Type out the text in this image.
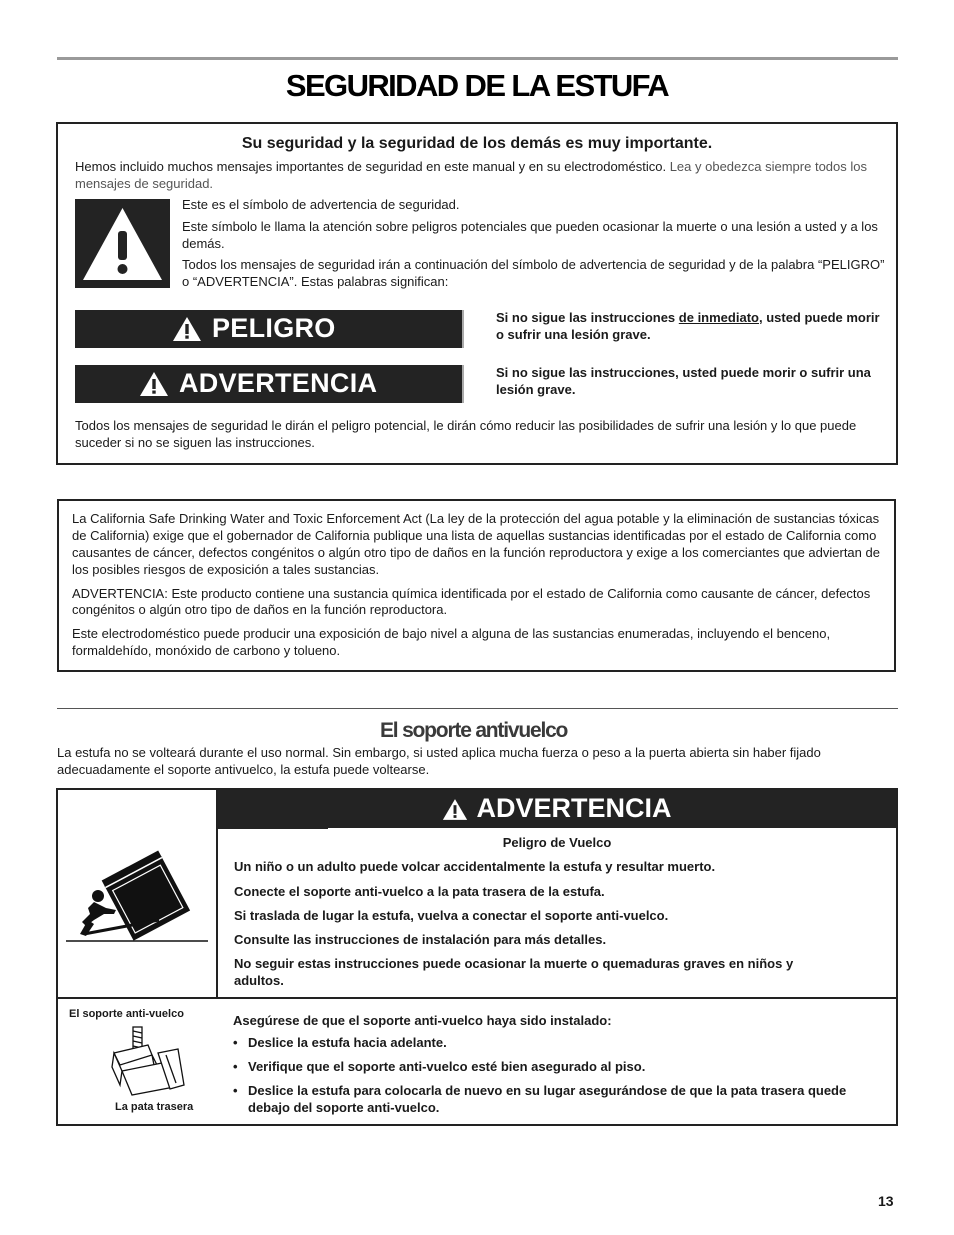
SEGURIDAD DE LA ESTUFA
Su seguridad y la seguridad de los demás es muy importante.

Hemos incluido muchos mensajes importantes de seguridad en este manual y en su electrodoméstico. Lea y obedezca siempre todos los mensajes de seguridad.

Este es el símbolo de advertencia de seguridad.

Este símbolo le llama la atención sobre peligros potenciales que pueden ocasionar la muerte o una lesión a usted y a los demás.

Todos los mensajes de seguridad irán a continuación del símbolo de advertencia de seguridad y de la palabra “PELIGRO” o “ADVERTENCIA”. Estas palabras significan:

PELIGRO	Si no sigue las instrucciones de inmediato, usted puede morir o sufrir una lesión grave.

ADVERTENCIA	Si no sigue las instrucciones, usted puede morir o sufrir una lesión grave.

Todos los mensajes de seguridad le dirán el peligro potencial, le dirán cómo reducir las posibilidades de sufrir una lesión y lo que puede suceder si no se siguen las instrucciones.

La California Safe Drinking Water and Toxic Enforcement Act (La ley de la protección del agua potable y la eliminación de sustancias tóxicas de California) exige que el gobernador de California publique una lista de aquellas sustancias identificadas por el estado de California como causantes de cáncer, defectos congénitos o algún otro tipo de daños en la función reproductora y exige a los comerciantes que adviertan de los posibles riesgos de exposición a tales sustancias.

ADVERTENCIA: Este producto contiene una sustancia química identificada por el estado de California como causante de cáncer, defectos congénitos o algún otro tipo de daños en la función reproductora.

Este electrodoméstico puede producir una exposición de bajo nivel a alguna de las sustancias enumeradas, incluyendo el benceno, formaldehído, monóxido de carbono y tolueno.

El soporte antivuelco

La estufa no se volteará durante el uso normal. Sin embargo, si usted aplica mucha fuerza o peso a la puerta abierta sin haber fijado adecuadamente el soporte antivuelco, la estufa puede voltearse.

ADVERTENCIA
Peligro de Vuelco

Un niño o un adulto puede volcar accidentalmente la estufa y resultar muerto.

Conecte el soporte anti-vuelco a la pata trasera de la estufa.

Si traslada de lugar la estufa, vuelva a conectar el soporte anti-vuelco.

Consulte las instrucciones de instalación para más detalles.

No seguir estas instrucciones puede ocasionar la muerte o quemaduras graves en niños y adultos.

El soporte anti-vuelco
La pata trasera

Asegúrese de que el soporte anti-vuelco haya sido instalado:

• Deslice la estufa hacia adelante.
• Verifique que el soporte anti-vuelco esté bien asegurado al piso.
• Deslice la estufa para colocarla de nuevo en su lugar asegurándose de que la pata trasera quede debajo del soporte anti-vuelco.
13
